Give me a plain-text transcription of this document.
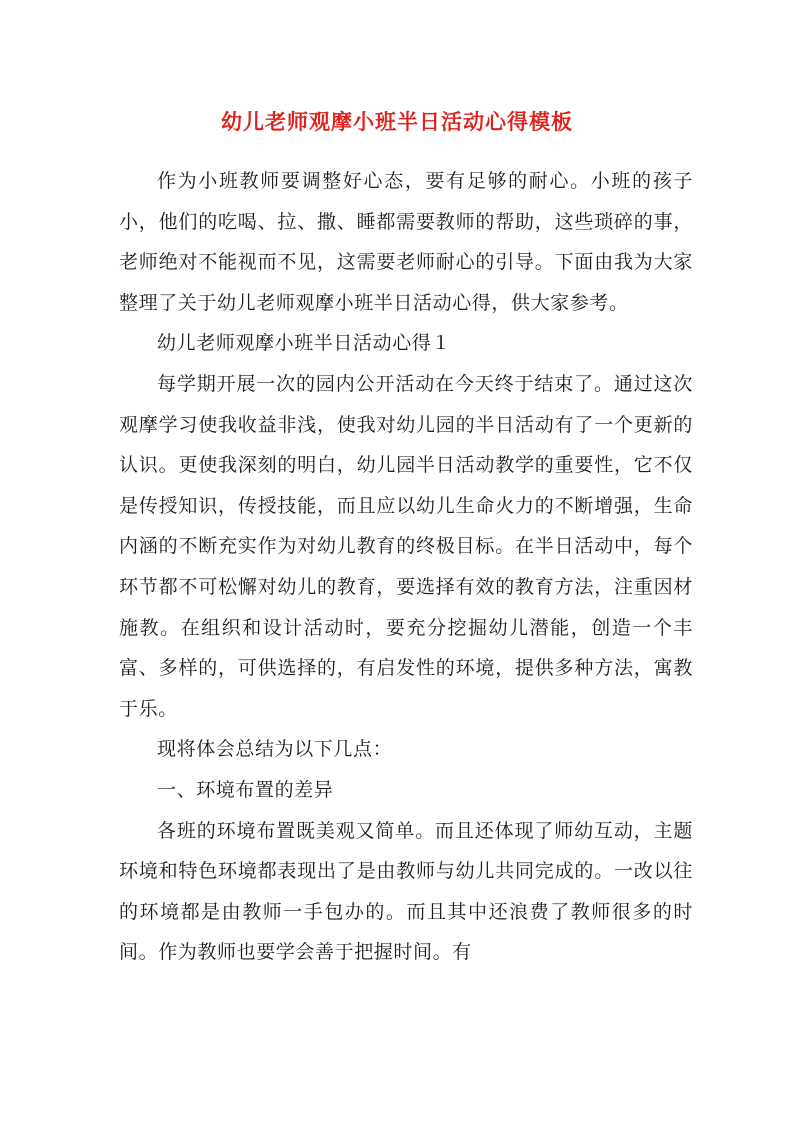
幼儿老师观摩小班半日活动心得模板

作为小班教师要调整好心态，要有足够的耐心。小班的孩子小，他们的吃喝、拉、撒、睡都需要教师的帮助，这些琐碎的事，老师绝对不能视而不见，这需要老师耐心的引导。下面由我为大家整理了关于幼儿老师观摩小班半日活动心得，供大家参考。

幼儿老师观摩小班半日活动心得１

每学期开展一次的园内公开活动在今天终于结束了。通过这次观摩学习使我收益非浅，使我对幼儿园的半日活动有了一个更新的认识。更使我深刻的明白，幼儿园半日活动教学的重要性，它不仅是传授知识，传授技能，而且应以幼儿生命火力的不断增强，生命内涵的不断充实作为对幼儿教育的终极目标。在半日活动中，每个环节都不可松懈对幼儿的教育，要选择有效的教育方法，注重因材施教。在组织和设计活动时，要充分挖掘幼儿潜能，创造一个丰富、多样的，可供选择的，有启发性的环境，提供多种方法，寓教于乐。

现将体会总结为以下几点：

一、环境布置的差异

各班的环境布置既美观又简单。而且还体现了师幼互动，主题环境和特色环境都表现出了是由教师与幼儿共同完成的。一改以往的环境都是由教师一手包办的。而且其中还浪费了教师很多的时间。作为教师也要学会善于把握时间。有
